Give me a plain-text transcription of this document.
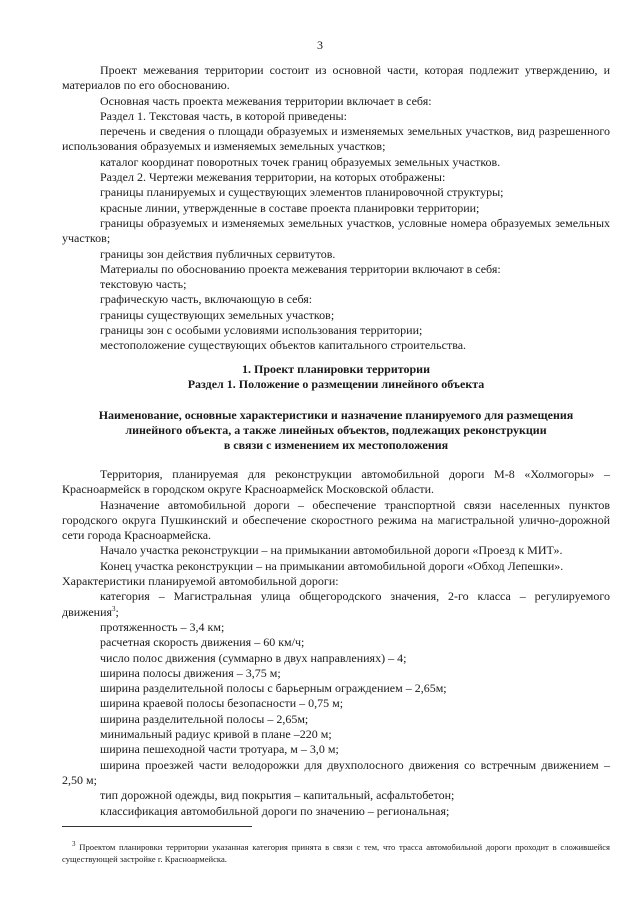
3

Проект межевания территории состоит из основной части, которая подлежит утверждению, и материалов по его обоснованию.

Основная часть проекта межевания территории включает в себя:

Раздел 1. Текстовая часть, в которой приведены:

перечень и сведения о площади образуемых и изменяемых земельных участков, вид разрешенного использования образуемых и изменяемых земельных участков;

каталог координат поворотных точек границ образуемых земельных участков.

Раздел 2. Чертежи межевания территории, на которых отображены:

границы планируемых и существующих элементов планировочной структуры;

красные линии, утвержденные в составе проекта планировки территории;

границы образуемых и изменяемых земельных участков, условные номера образуемых земельных участков;

границы зон действия публичных сервитутов.

Материалы по обоснованию проекта межевания территории включают в себя:

текстовую часть;

графическую часть, включающую в себя:

границы существующих земельных участков;

границы зон с особыми условиями использования территории;

местоположение существующих объектов капитального строительства.

1. Проект планировки территории

Раздел 1. Положение о размещении линейного объекта

Наименование, основные характеристики и назначение планируемого для размещения

линейного объекта, а также линейных объектов, подлежащих реконструкции

в связи с изменением их местоположения

Территория, планируемая для реконструкции автомобильной дороги М-8 «Холмогоры» – Красноармейск в городском округе Красноармейск Московской области.

Назначение автомобильной дороги – обеспечение транспортной связи населенных пунктов городского округа Пушкинский и обеспечение скоростного режима на магистральной улично-дорожной сети города Красноармейска.

Начало участка реконструкции – на примыкании автомобильной дороги «Проезд к МИТ».

Конец участка реконструкции – на примыкании автомобильной дороги «Обход Лепешки».

Характеристики планируемой автомобильной дороги:

категория – Магистральная улица общегородского значения, 2-го класса – регулируемого движения$^3$;

протяженность – 3,4 км;

расчетная скорость движения – 60 км/ч;

число полос движения (суммарно в двух направлениях) – 4;

ширина полосы движения – 3,75 м;

ширина разделительной полосы с барьерным ограждением – 2,65м;

ширина краевой полосы безопасности – 0,75 м;

ширина разделительной полосы – 2,65м;

минимальный радиус кривой в плане –220 м;

ширина пешеходной части тротуара, м – 3,0 м;

ширина проезжей части велодорожки для двухполосного движения со встречным движением – 2,50 м;

тип дорожной одежды, вид покрытия – капитальный, асфальтобетон;

классификация автомобильной дороги по значению – региональная;

$^3$ Проектом планировки территории указанная категория принята в связи с тем, что трасса автомобильной дороги проходит в сложившейся существующей застройке г. Красноармейска.
